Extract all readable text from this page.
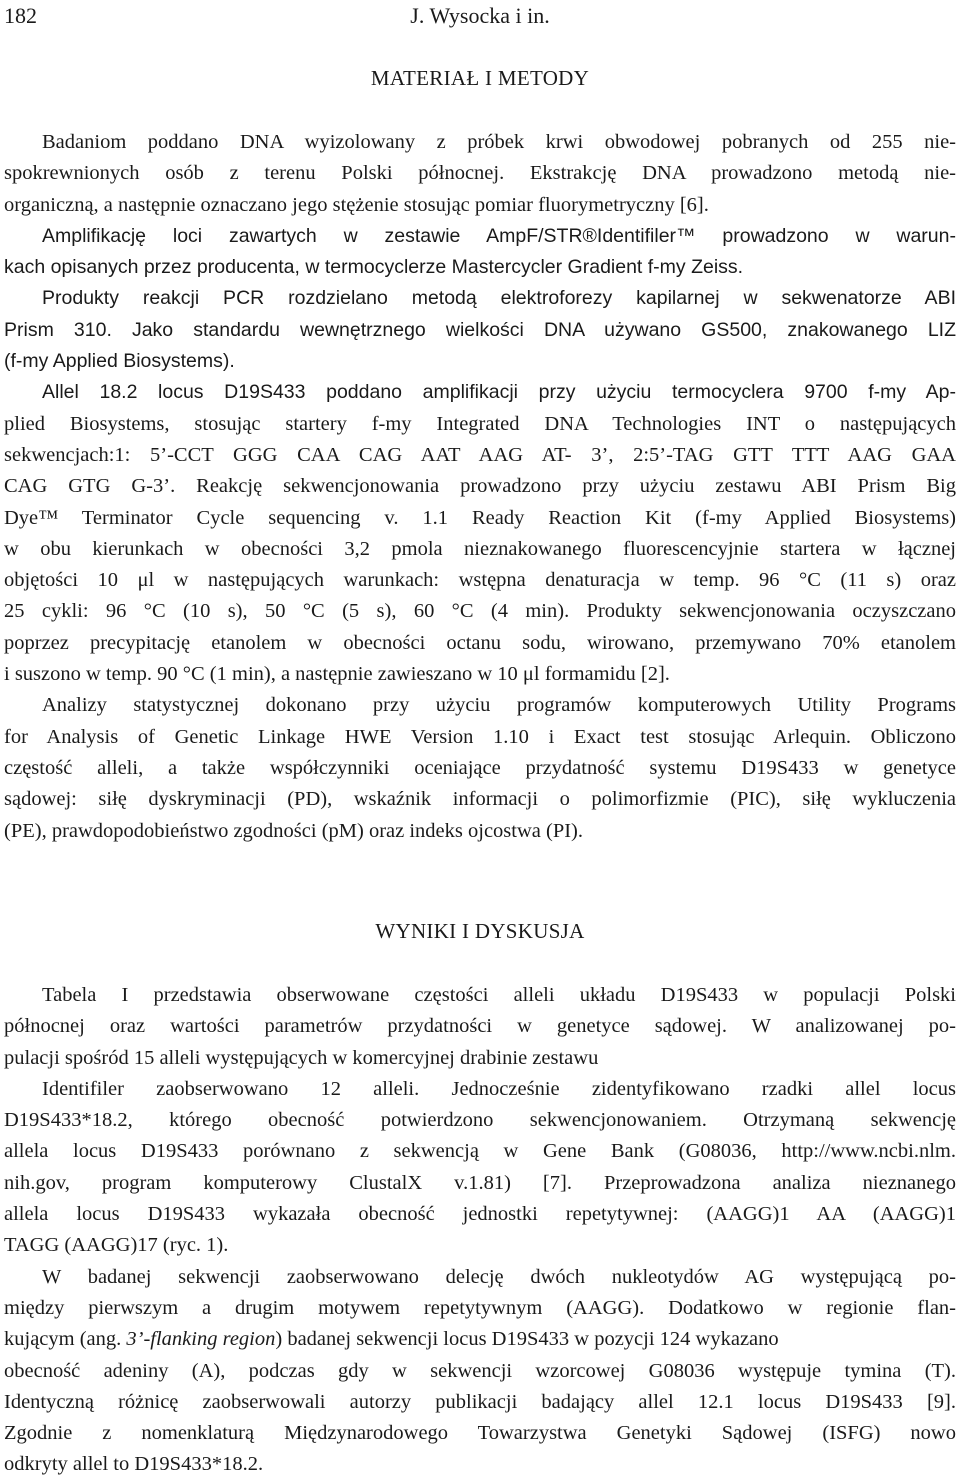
182	J. Wysocka i in.
MATERIAŁ I METODY
Badaniom poddano DNA wyizolowany z próbek krwi obwodowej pobranych od 255 nie-
spokrewnionych osób z terenu Polski północnej. Ekstrakcję DNA prowadzono metodą nie-
organiczną, a następnie oznaczano jego stężenie stosując pomiar fluorymetryczny [6].
Amplifikację loci zawartych w zestawie AmpF/STR®Identifiler™ prowadzono w warun-
kach opisanych przez producenta, w termocyclerze Mastercycler Gradient f-my Zeiss.
Produkty reakcji PCR rozdzielano metodą elektroforezy kapilarnej w sekwenatorze ABI
Prism 310. Jako standardu wewnętrznego wielkości DNA używano GS500, znakowanego LIZ
(f-my Applied Biosystems).
Allel 18.2 locus D19S433 poddano amplifikacji przy użyciu termocyclera 9700 f-my Ap-
plied Biosystems, stosując startery f-my Integrated DNA Technologies INT o następujących
sekwencjach:1: 5’-CCT GGG CAA CAG AAT AAG AT- 3’, 2:5’-TAG GTT TTT AAG GAA
CAG GTG G-3’. Reakcję sekwencjonowania prowadzono przy użyciu zestawu ABI Prism Big
Dye™ Terminator Cycle sequencing v. 1.1 Ready Reaction Kit (f-my Applied Biosystems)
w obu kierunkach w obecności 3,2 pmola nieznakowanego fluorescencyjnie startera w łącznej
objętości 10 μl w następujących warunkach: wstępna denaturacja w temp. 96 °C (11 s) oraz
25 cykli: 96 °C (10 s), 50 °C (5 s), 60 °C (4 min). Produkty sekwencjonowania oczyszczano
poprzez precypitację etanolem w obecności octanu sodu, wirowano, przemywano 70% etanolem
i suszono w temp. 90 °C (1 min), a następnie zawieszano w 10 μl formamidu [2].
Analizy statystycznej dokonano przy użyciu programów komputerowych Utility Programs
for Analysis of Genetic Linkage HWE Version 1.10 i Exact test stosując Arlequin. Obliczono
częstość alleli, a także współczynniki oceniające przydatność systemu D19S433 w genetyce
sądowej: siłę dyskryminacji (PD), wskaźnik informacji o polimorfizmie (PIC), siłę wykluczenia
(PE), prawdopodobieństwo zgodności (pM) oraz indeks ojcostwa (PI).
WYNIKI I DYSKUSJA
Tabela I przedstawia obserwowane częstości alleli układu D19S433 w populacji Polski
północnej oraz wartości parametrów przydatności w genetyce sądowej. W analizowanej po-
pulacji spośród 15 alleli występujących w komercyjnej drabinie zestawu
Identifiler zaobserwowano 12 alleli. Jednocześnie zidentyfikowano rzadki allel locus
D19S433*18.2, którego obecność potwierdzono sekwencjonowaniem. Otrzymaną sekwencję
allela locus D19S433 porównano z sekwencją w Gene Bank (G08036, http://www.ncbi.nlm.
nih.gov, program komputerowy ClustalX v.1.81) [7]. Przeprowadzona analiza nieznanego
allela locus D19S433 wykazała obecność jednostki repetytywnej: (AAGG)1 AA (AAGG)1
TAGG (AAGG)17 (ryc. 1).
W badanej sekwencji zaobserwowano delecję dwóch nukleotydów AG występującą po-
między pierwszym a drugim motywem repetytywnym (AAGG). Dodatkowo w regionie flan-
kującym (ang. 3’-flanking region) badanej sekwencji locus D19S433 w pozycji 124 wykazano
obecność adeniny (A), podczas gdy w sekwencji wzorcowej G08036 występuje tymina (T).
Identyczną różnicę zaobserwowali autorzy publikacji badający allel 12.1 locus D19S433 [9].
Zgodnie z nomenklaturą Międzynarodowego Towarzystwa Genetyki Sądowej (ISFG) nowo
odkryty allel to D19S433*18.2.
